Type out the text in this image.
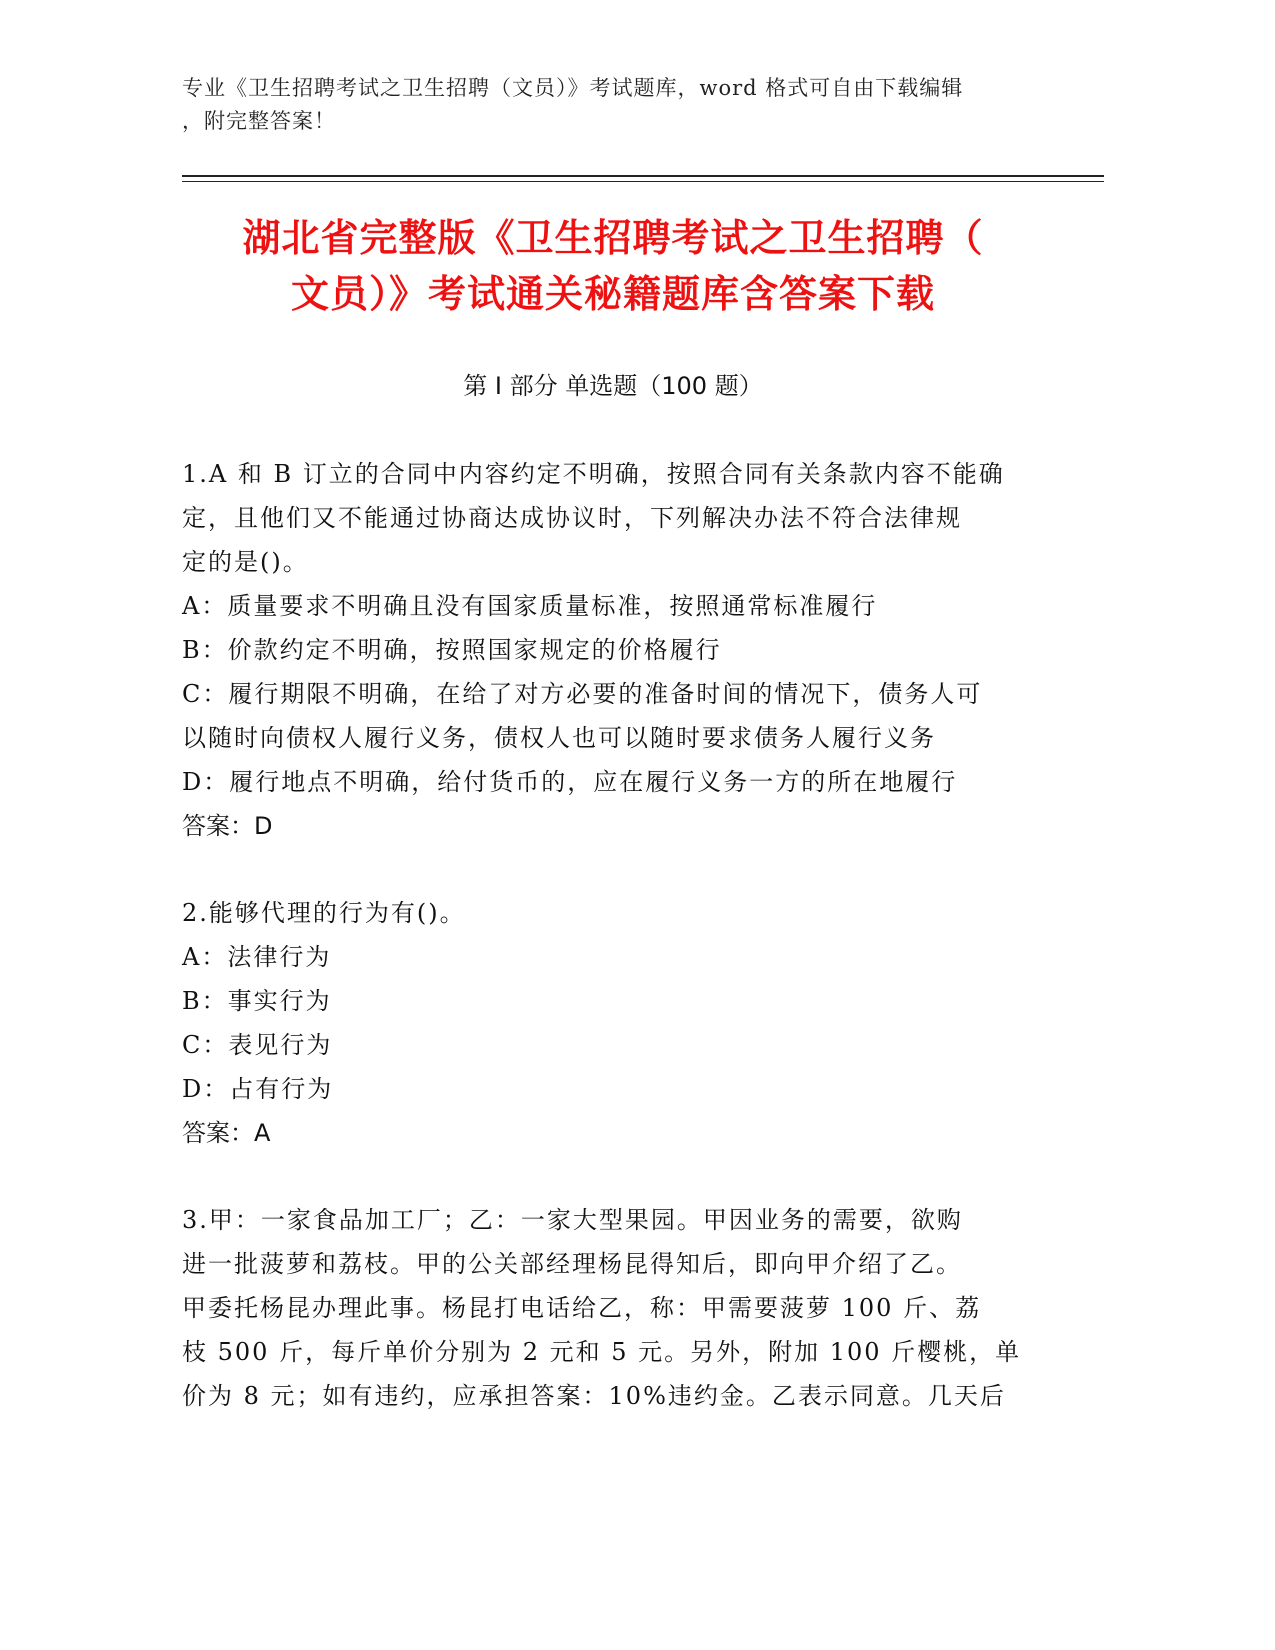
专业《卫生招聘考试之卫生招聘（文员）》考试题库，word 格式可自由下载编辑
，附完整答案！
湖北省完整版《卫生招聘考试之卫生招聘（
文员）》考试通关秘籍题库含答案下载
第 I 部分 单选题（100 题）
1.A 和 B 订立的合同中内容约定不明确，按照合同有关条款内容不能确
定，且他们又不能通过协商达成协议时，下列解决办法不符合法律规
定的是()。
A：质量要求不明确且没有国家质量标准，按照通常标准履行
B：价款约定不明确，按照国家规定的价格履行
C：履行期限不明确，在给了对方必要的准备时间的情况下，债务人可
以随时向债权人履行义务，债权人也可以随时要求债务人履行义务
D：履行地点不明确，给付货币的，应在履行义务一方的所在地履行
答案：D
2.能够代理的行为有()。
A：法律行为
B：事实行为
C：表见行为
D：占有行为
答案：A
3.甲：一家食品加工厂；乙：一家大型果园。甲因业务的需要，欲购
进一批菠萝和荔枝。甲的公关部经理杨昆得知后，即向甲介绍了乙。
甲委托杨昆办理此事。杨昆打电话给乙，称：甲需要菠萝 100 斤、荔
枝 500 斤，每斤单价分别为 2 元和 5 元。另外，附加 100 斤樱桃，单
价为 8 元；如有违约，应承担答案：10%违约金。乙表示同意。几天后
